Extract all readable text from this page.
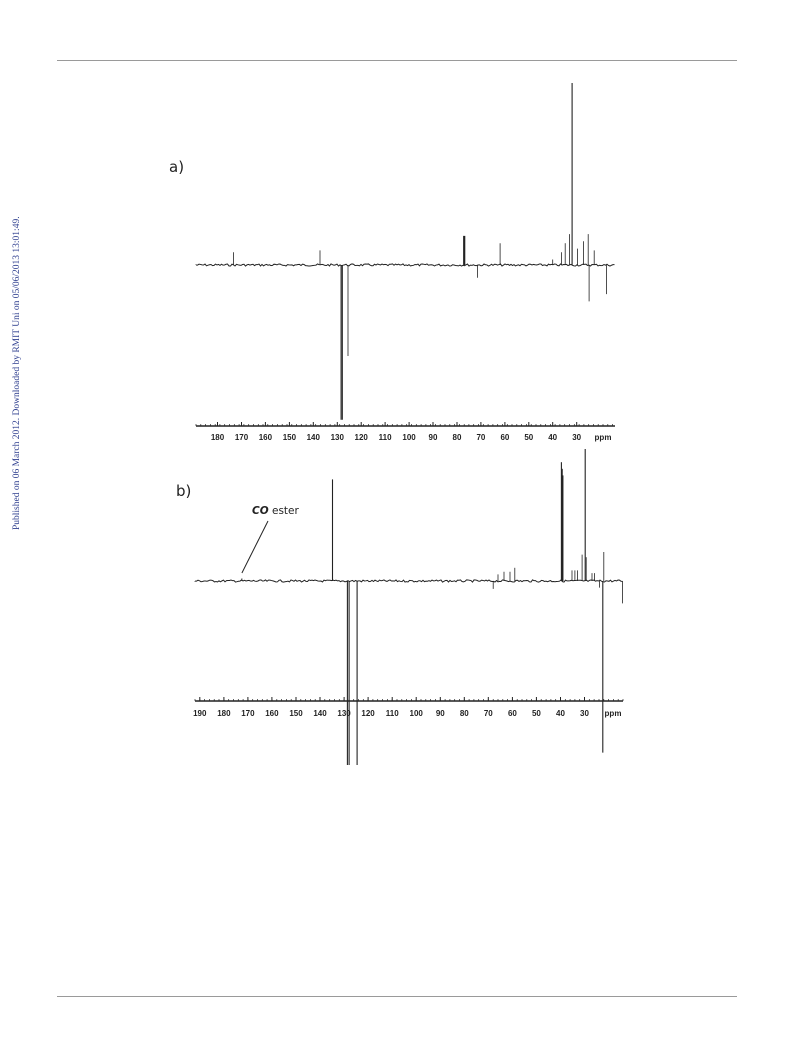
Published on 06 March 2012. Downloaded by RMIT Uni on 05/06/2013 13:01:49.
a)
b)
CO ester
180 170 160 150 140 130 120 110 100 90 80 70 60 50 40 30 ppm
190 180 170 160 150 140 130 120 110 100 90 80 70 60 50 40 30 ppm
